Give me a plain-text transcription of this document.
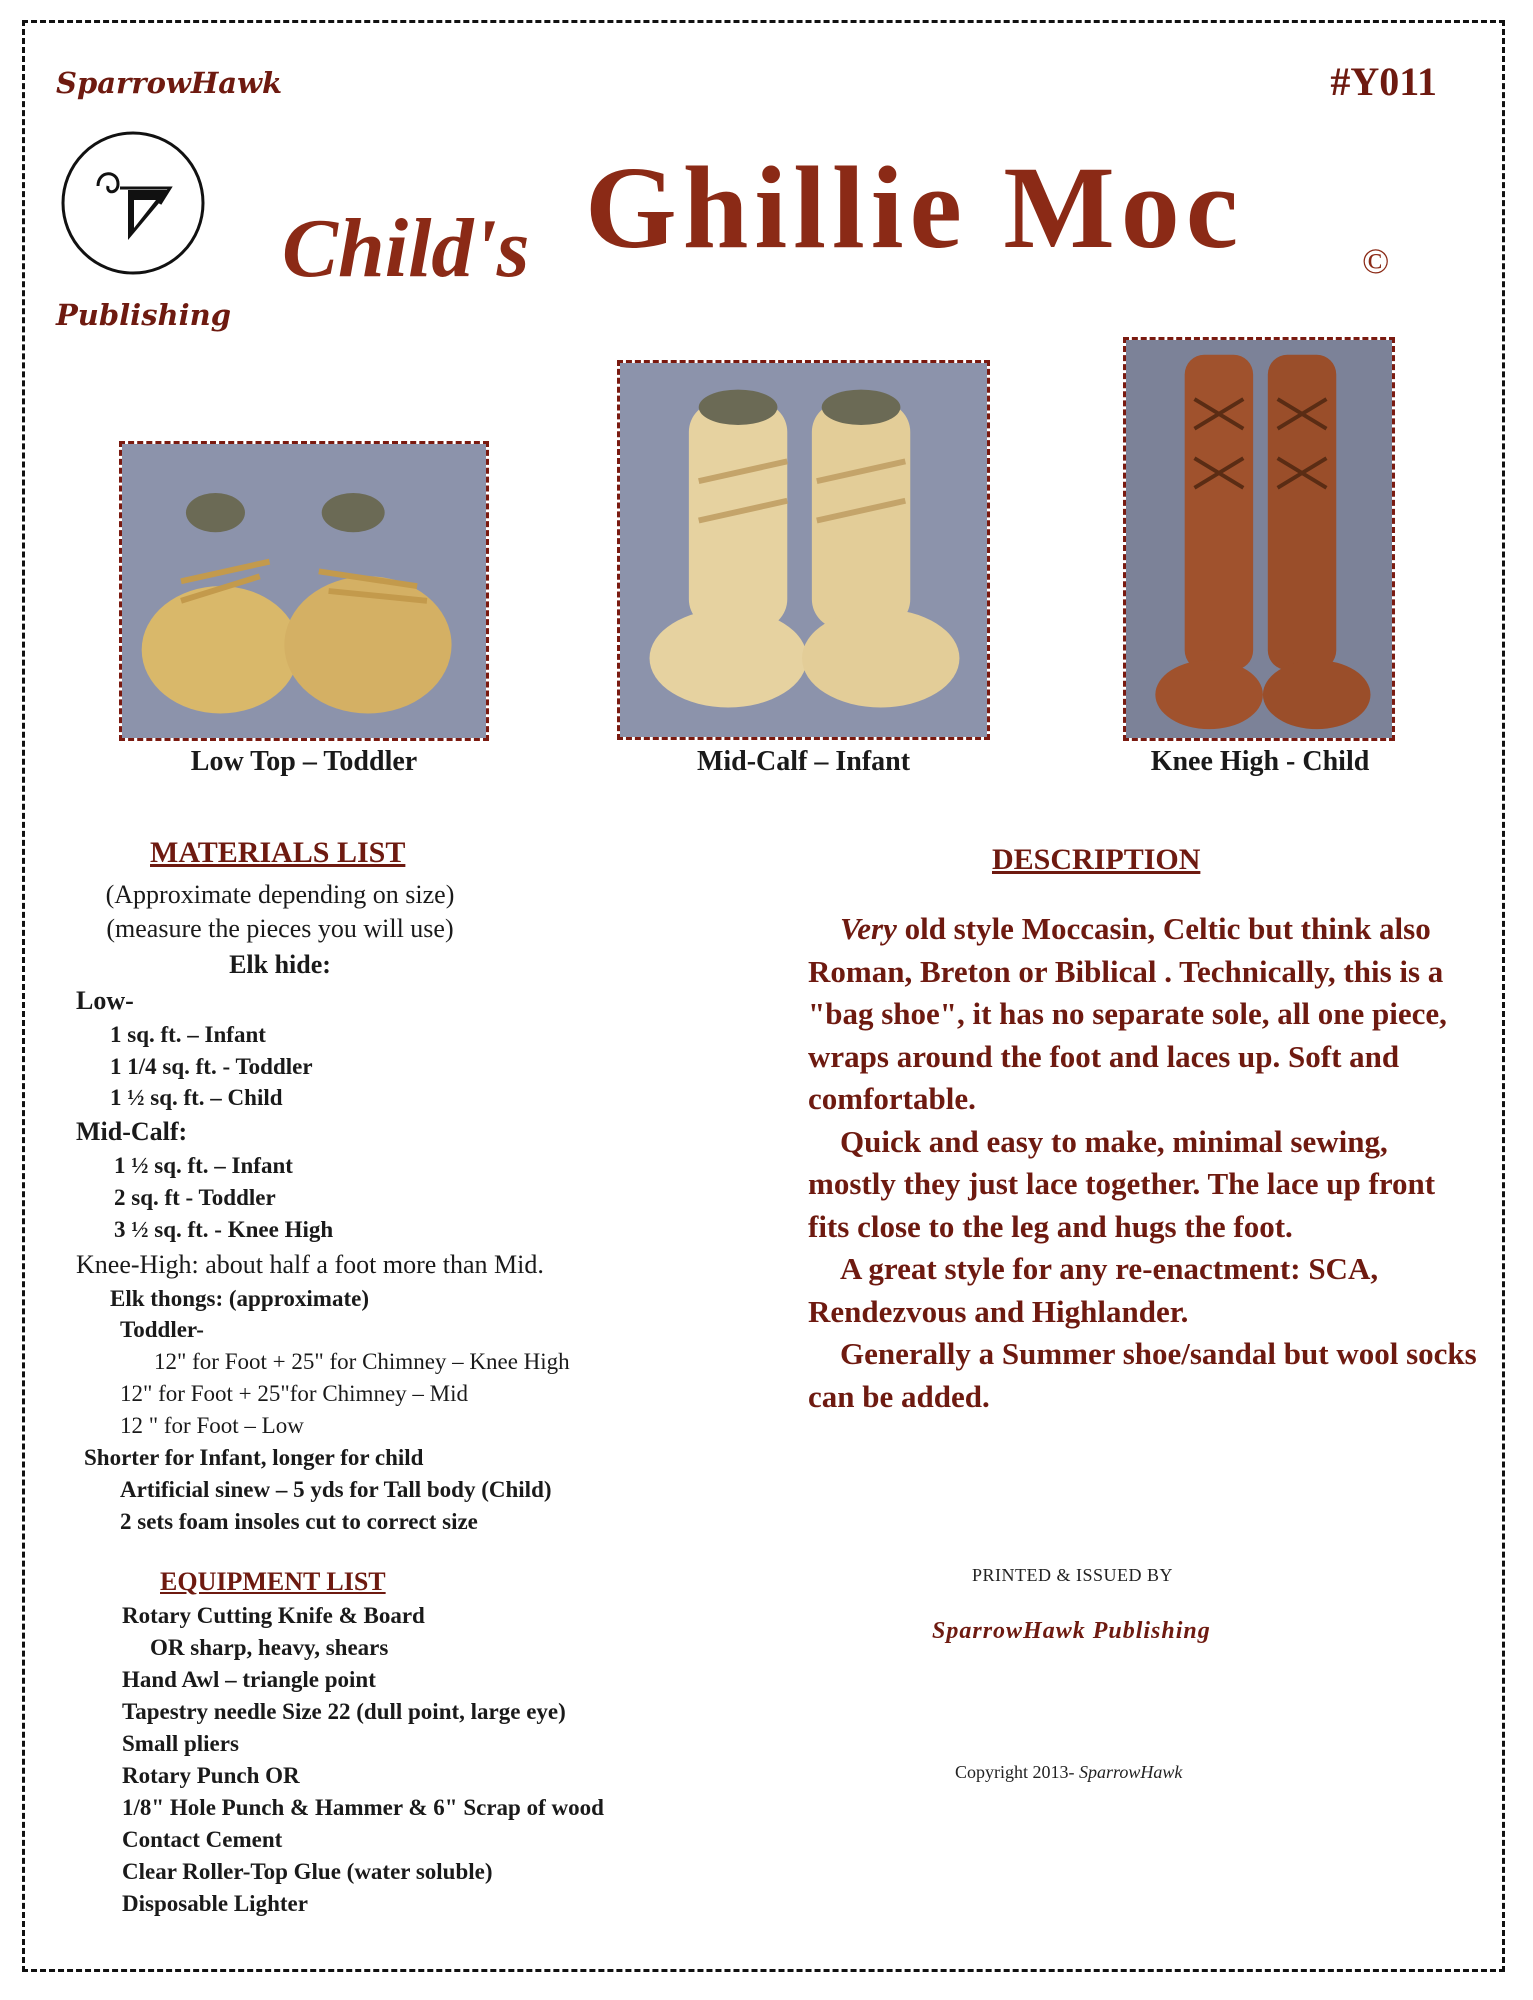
SparrowHawk
Publishing
#Y011
Child's Ghillie Moc	©
Low Top – Toddler	Mid-Calf – Infant	Knee High - Child
MATERIALS LIST
(Approximate depending on size)
(measure the pieces you will use)
Elk hide:
Low-
1 sq. ft. – Infant
1 1/4 sq. ft. - Toddler
1 ½ sq. ft. – Child
Mid-Calf:
1 ½ sq. ft. – Infant
2 sq. ft - Toddler
3 ½ sq. ft. - Knee High
Knee-High: about half a foot more than Mid.
Elk thongs: (approximate)
Toddler-
12" for Foot + 25" for Chimney – Knee High
12" for Foot + 25"for Chimney – Mid
12 " for Foot – Low
Shorter for Infant, longer for child
Artificial sinew – 5 yds for Tall body (Child)
2 sets foam insoles cut to correct size
EQUIPMENT LIST
Rotary Cutting Knife & Board
OR sharp, heavy, shears
Hand Awl – triangle point
Tapestry needle Size 22 (dull point, large eye)
Small pliers
Rotary Punch OR
1/8" Hole Punch & Hammer & 6" Scrap of wood
Contact Cement
Clear Roller-Top Glue (water soluble)
Disposable Lighter
DESCRIPTION

Very old style Moccasin, Celtic but think also Roman, Breton or Biblical . Technically, this is a "bag shoe", it has no separate sole, all one piece, wraps around the foot and laces up. Soft and comfortable.

Quick and easy to make, minimal sewing, mostly they just lace together. The lace up front fits close to the leg and hugs the foot.

A great style for any re-enactment: SCA, Rendezvous and Highlander.

Generally a Summer shoe/sandal but wool socks can be added.

PRINTED & ISSUED BY
SparrowHawk Publishing
Copyright 2013- SparrowHawk
